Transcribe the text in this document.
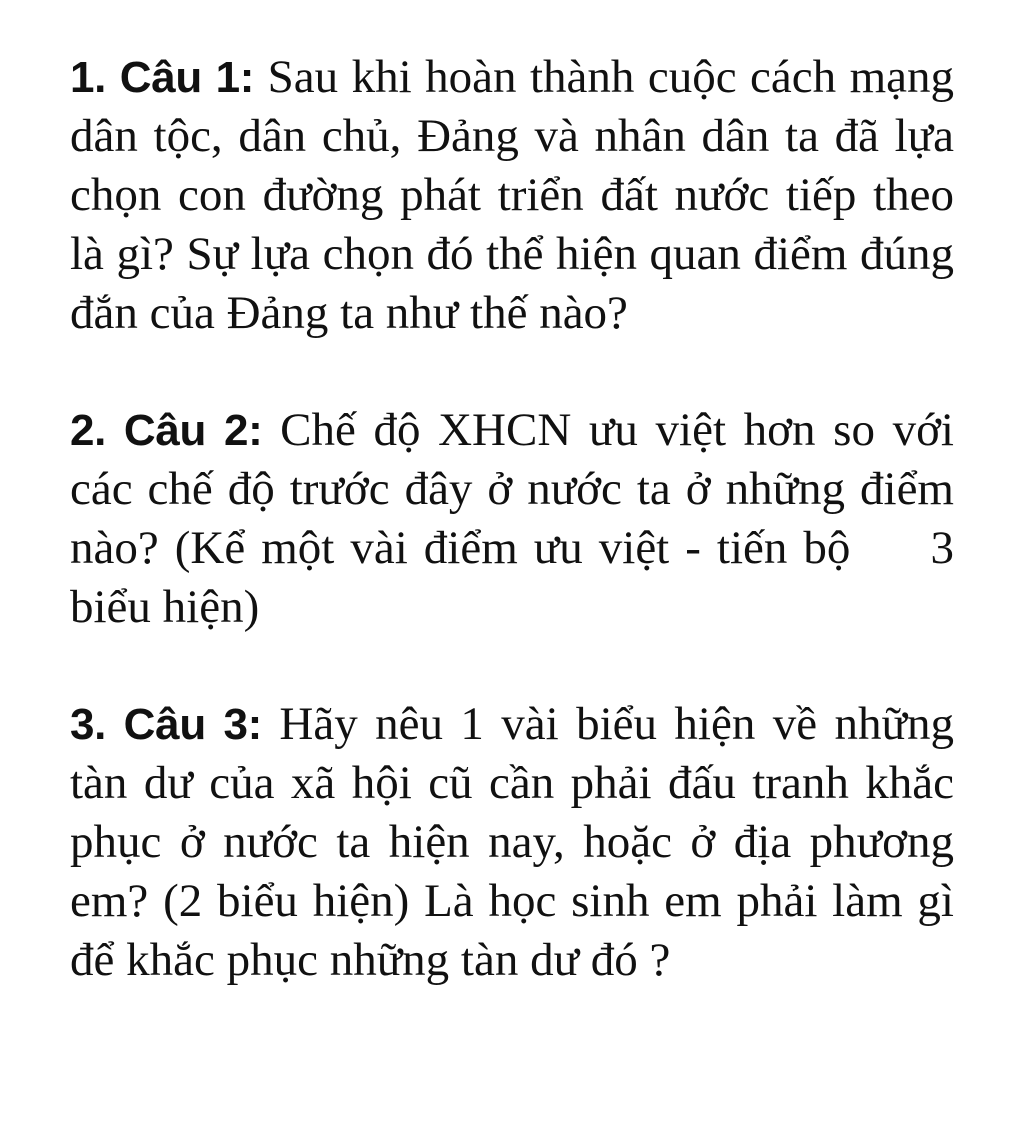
1. Câu 1: Sau khi hoàn thành cuộc cách mạng dân tộc, dân chủ, Đảng và nhân dân ta đã lựa chọn con đường phát triển đất nước tiếp theo là gì? Sự lựa chọn đó thể hiện quan điểm đúng đắn của Đảng ta như thế nào?

2. Câu 2: Chế độ XHCN ưu việt hơn so với các chế độ trước đây ở nước ta ở những điểm nào? (Kể một vài điểm ưu việt - tiến bộ 3 biểu hiện)

3. Câu 3: Hãy nêu 1 vài biểu hiện về những tàn dư của xã hội cũ cần phải đấu tranh khắc phục ở nước ta hiện nay, hoặc ở địa phương em? (2 biểu hiện) Là học sinh em phải làm gì để khắc phục những tàn dư đó ?
